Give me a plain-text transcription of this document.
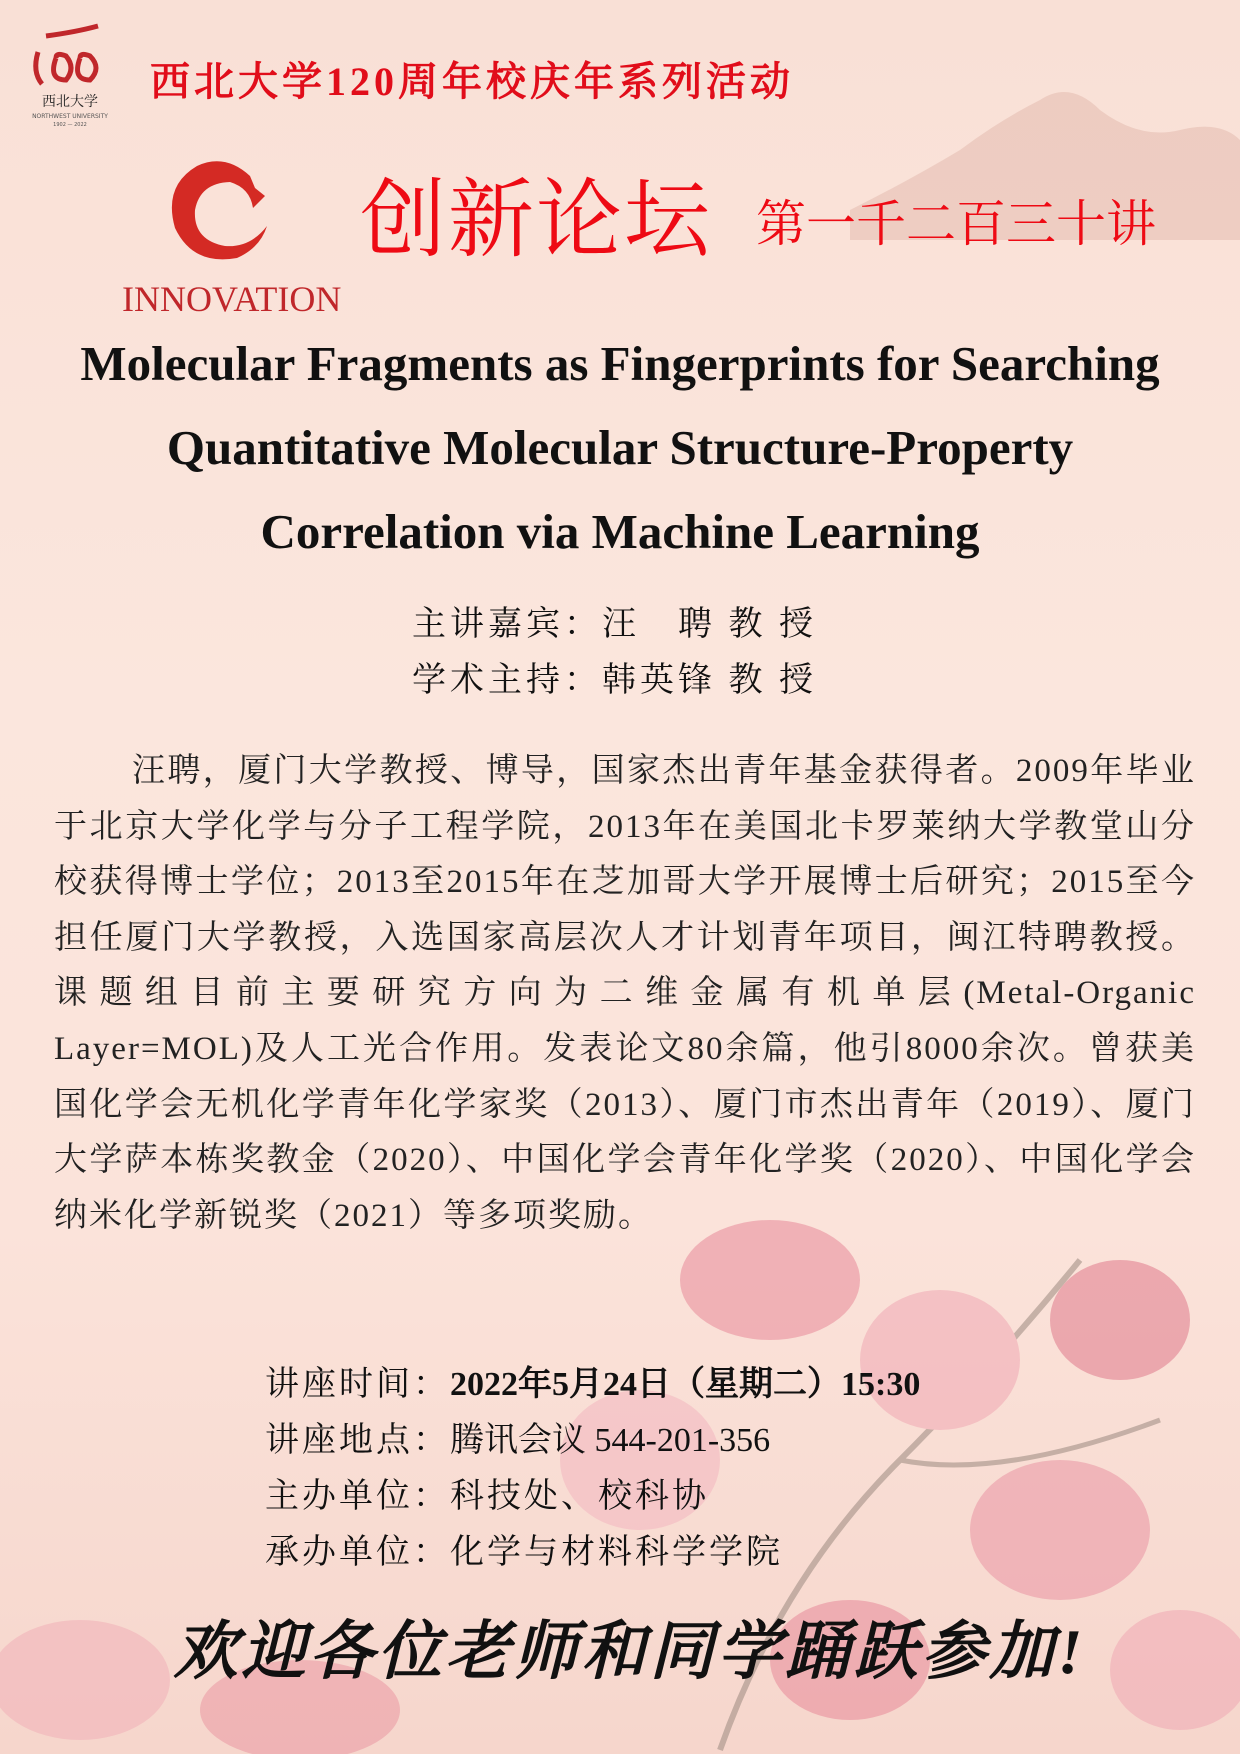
西北大学
NORTHWEST UNIVERSITY
1902 — 2022
西北大学120周年校庆年系列活动
INNOVATION
创新论坛 第一千二百三十讲
Molecular Fragments as Fingerprints for Searching Quantitative Molecular Structure-Property Correlation via Machine Learning
主讲嘉宾：汪　聘 教 授
学术主持：韩英锋 教 授
汪聘，厦门大学教授、博导，国家杰出青年基金获得者。2009年毕业于北京大学化学与分子工程学院，2013年在美国北卡罗莱纳大学教堂山分校获得博士学位；2013至2015年在芝加哥大学开展博士后研究；2015至今担任厦门大学教授，入选国家高层次人才计划青年项目，闽江特聘教授。课题组目前主要研究方向为二维金属有机单层(Metal-Organic Layer=MOL)及人工光合作用。发表论文80余篇，他引8000余次。曾获美国化学会无机化学青年化学家奖（2013）、厦门市杰出青年（2019）、厦门大学萨本栋奖教金（2020）、中国化学会青年化学奖（2020）、中国化学会纳米化学新锐奖（2021）等多项奖励。
讲座时间：2022年5月24日（星期二）15:30
讲座地点：腾讯会议 544-201-356
主办单位：科技处、校科协
承办单位：化学与材料科学学院
欢迎各位老师和同学踊跃参加!
